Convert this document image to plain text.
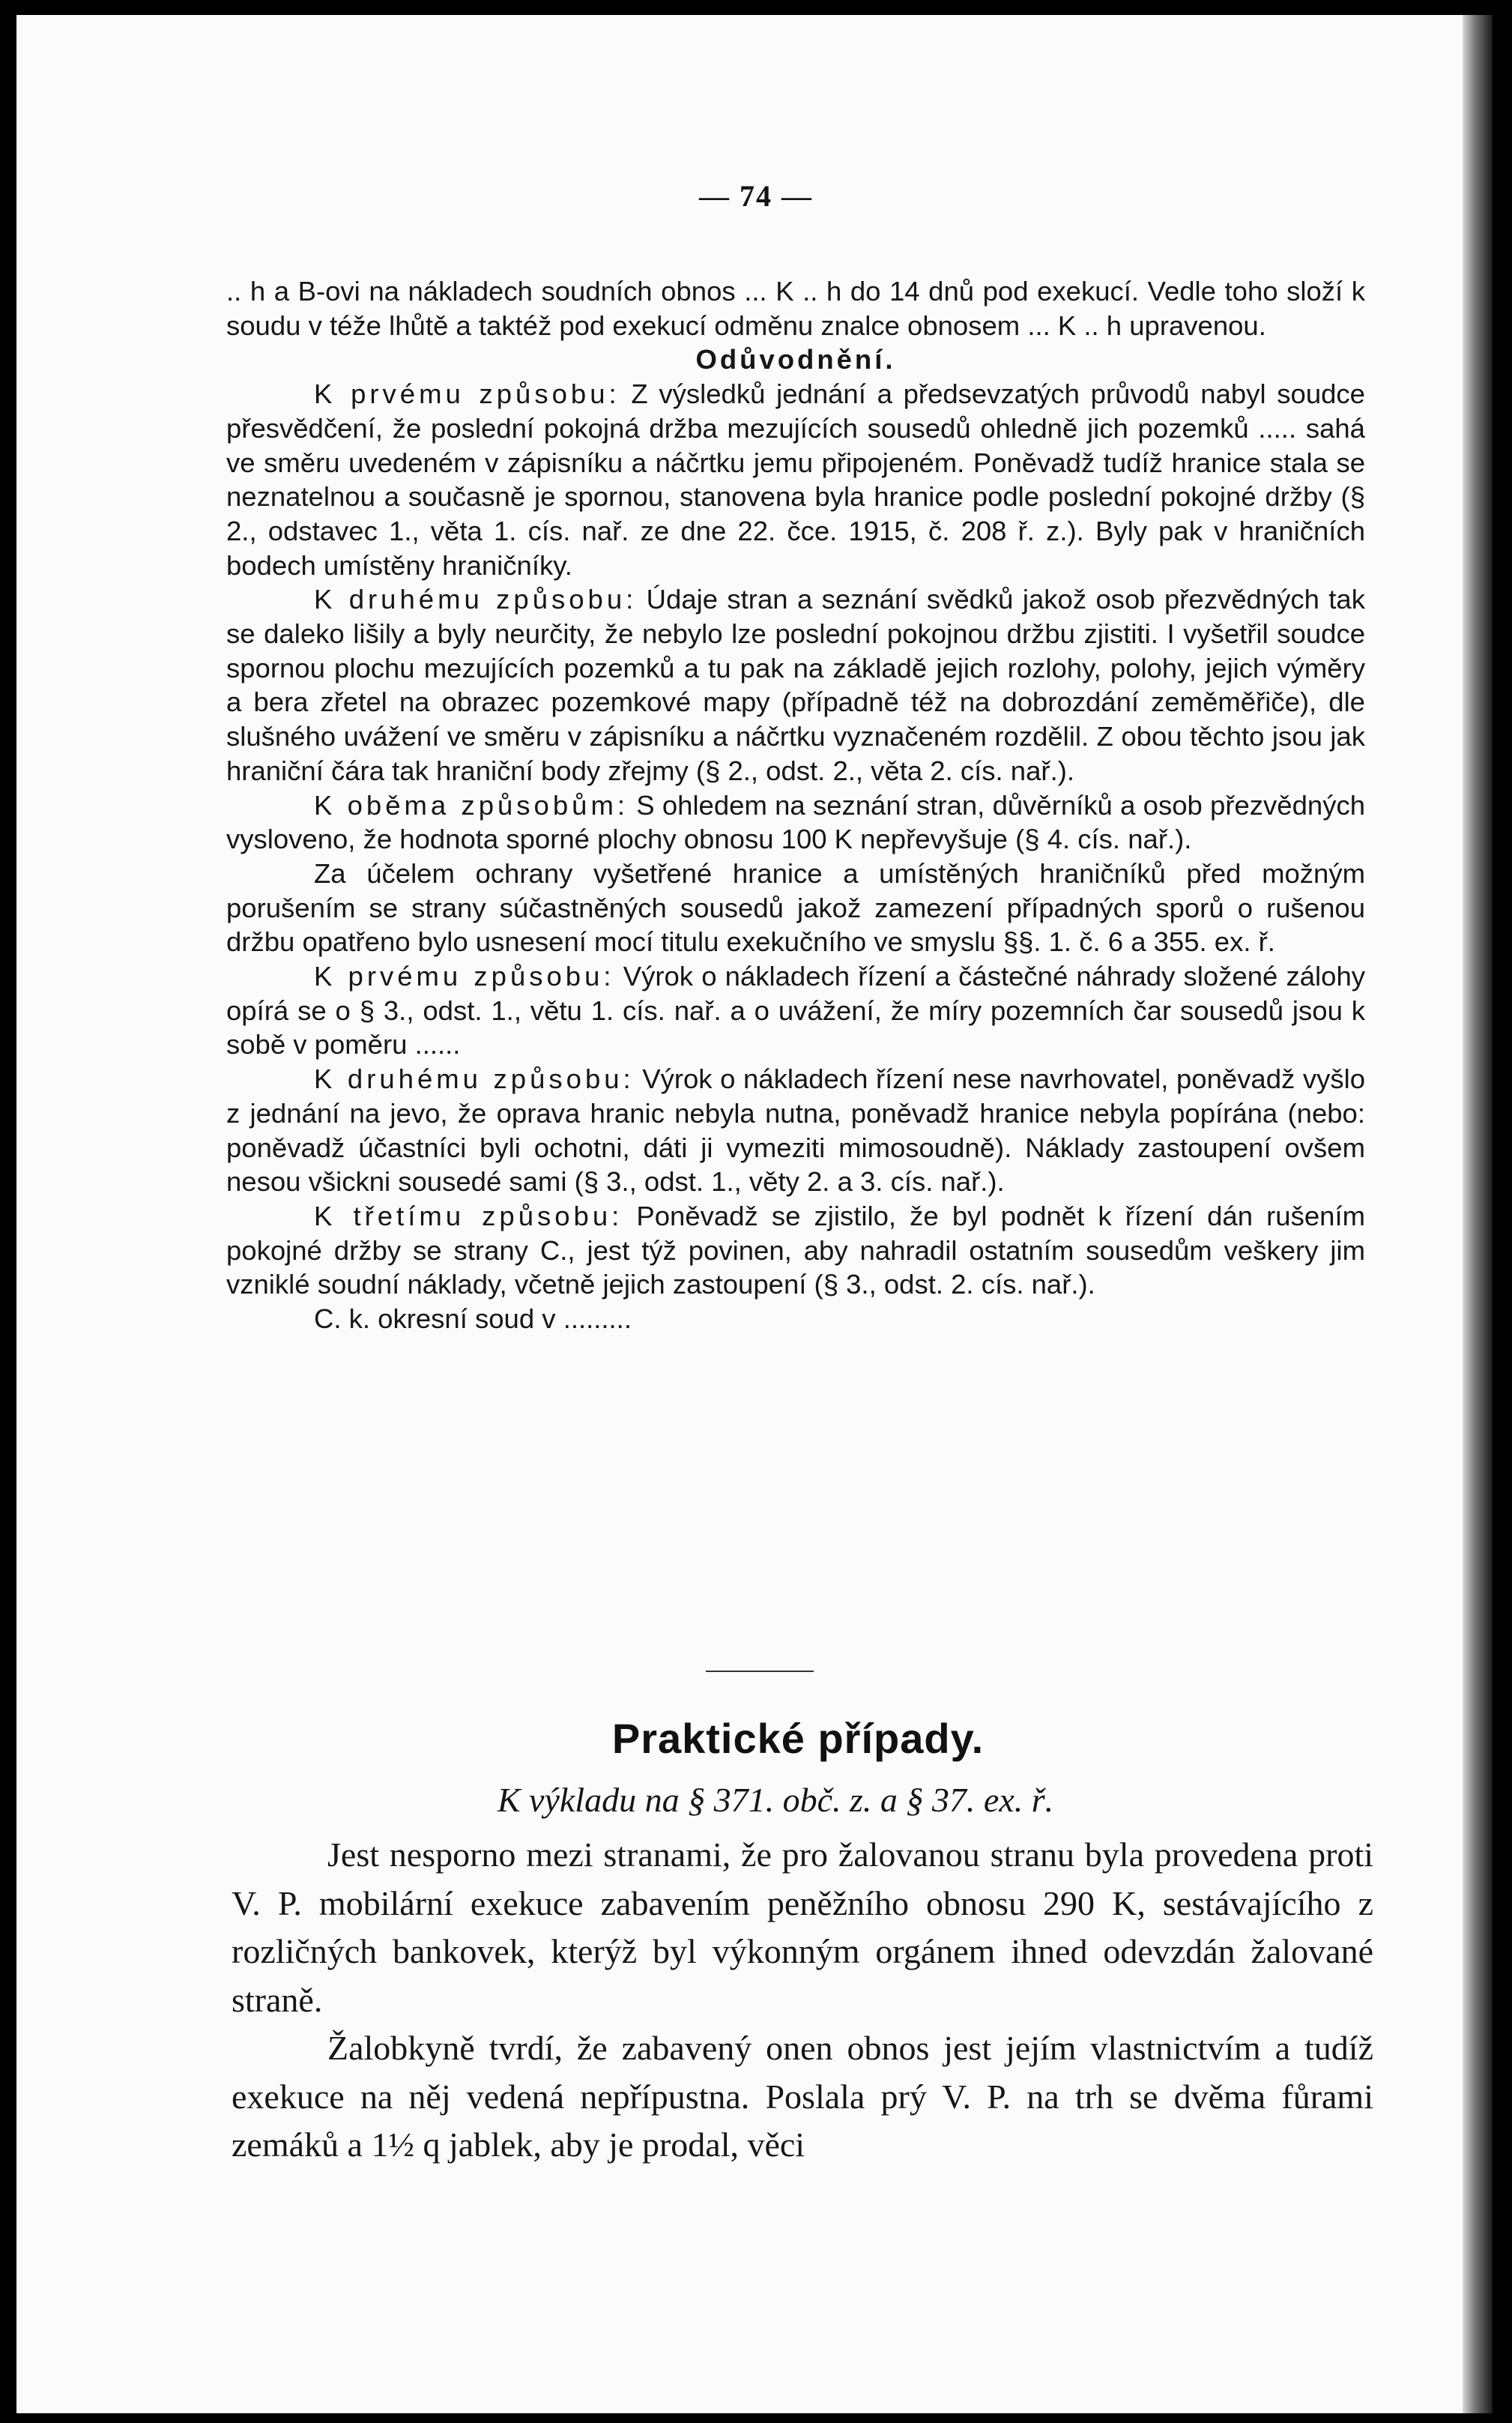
— 74 —

.. h a B-ovi na nákladech soudních obnos ... K .. h do 14 dnů pod exekucí. Vedle toho složí k soudu v téže lhůtě a taktéž pod exekucí odměnu znalce obnosem ... K .. h upravenou.

Odůvodnění.

K prvému způsobu: Z výsledků jednání a předsevzatých průvodů nabyl soudce přesvědčení, že poslední pokojná držba mezujících sousedů ohledně jich pozemků ..... sahá ve směru uvedeném v zápisníku a náčrtku jemu připojeném. Poněvadž tudíž hranice stala se neznatelnou a současně je spornou, stanovena byla hranice podle poslední pokojné držby (§ 2., odstavec 1., věta 1. cís. nař. ze dne 22. čce. 1915, č. 208 ř. z.). Byly pak v hraničních bodech umístěny hraničníky.

K druhému způsobu: Údaje stran a seznání svědků jakož osob přezvědných tak se daleko lišily a byly neurčity, že nebylo lze poslední pokojnou držbu zjistiti. I vyšetřil soudce spornou plochu mezujících pozemků a tu pak na základě jejich rozlohy, polohy, jejich výměry a bera zřetel na obrazec pozemkové mapy (případně též na dobrozdání zeměměřiče), dle slušného uvážení ve směru v zápisníku a náčrtku vyznačeném rozdělil. Z obou těchto jsou jak hraniční čára tak hraniční body zřejmy (§ 2., odst. 2., věta 2. cís. nař.).

K oběma způsobům: S ohledem na seznání stran, důvěrníků a osob přezvědných vysloveno, že hodnota sporné plochy obnosu 100 K nepřevyšuje (§ 4. cís. nař.).

Za účelem ochrany vyšetřené hranice a umístěných hraničníků před možným porušením se strany súčastněných sousedů jakož zamezení případných sporů o rušenou držbu opatřeno bylo usnesení mocí titulu exekučního ve smyslu §§. 1. č. 6 a 355. ex. ř.

K prvému způsobu: Výrok o nákladech řízení a částečné náhrady složené zálohy opírá se o § 3., odst. 1., větu 1. cís. nař. a o uvážení, že míry pozemních čar sousedů jsou k sobě v poměru ......

K druhému způsobu: Výrok o nákladech řízení nese navrhovatel, poněvadž vyšlo z jednání na jevo, že oprava hranic nebyla nutna, poněvadž hranice nebyla popírána (nebo: poněvadž účastníci byli ochotni, dáti ji vymeziti mimosoudně). Náklady zastoupení ovšem nesou všickni sousedé sami (§ 3., odst. 1., věty 2. a 3. cís. nař.).

K třetímu způsobu: Poněvadž se zjistilo, že byl podnět k řízení dán rušením pokojné držby se strany C., jest týž povinen, aby nahradil ostatním sousedům veškery jim vzniklé soudní náklady, včetně jejich zastoupení (§ 3., odst. 2. cís. nař.).

C. k. okresní soud v .........

Praktické případy.
K výkladu na § 371. obč. z. a § 37. ex. ř.

Jest nesporno mezi stranami, že pro žalovanou stranu byla provedena proti V. P. mobilární exekuce zabavením peněžního obnosu 290 K, sestávajícího z rozličných bankovek, kterýž byl výkonným orgánem ihned odevzdán žalované straně.

Žalobkyně tvrdí, že zabavený onen obnos jest jejím vlastnictvím a tudíž exekuce na něj vedená nepřípustna. Poslala prý V. P. na trh se dvěma fůrami zemáků a 1½ q jablek, aby je prodal, věci
